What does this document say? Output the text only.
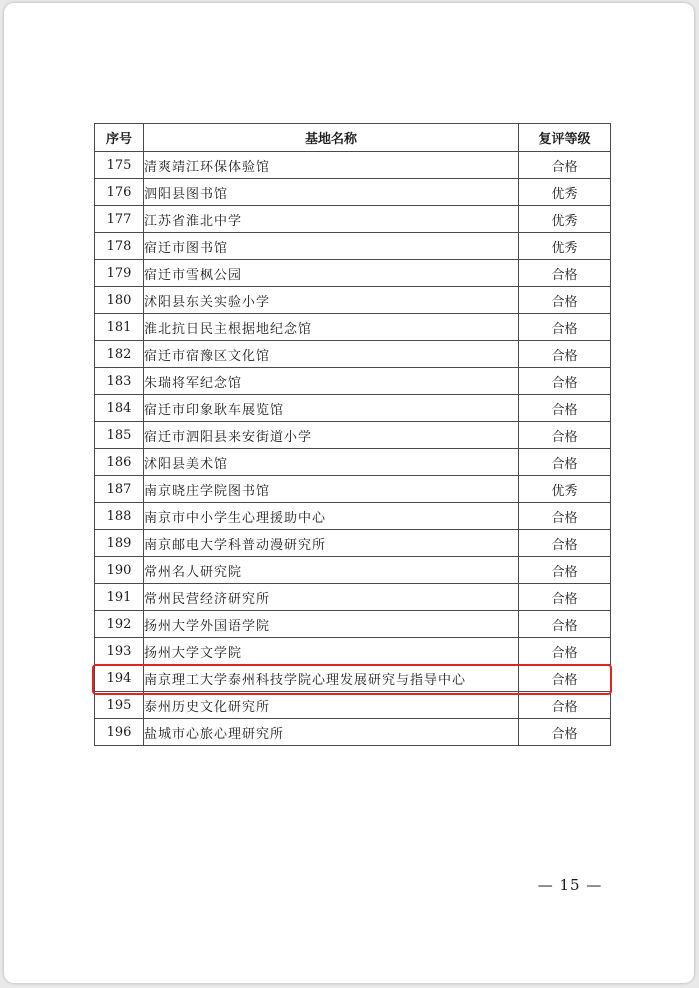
序号	基地名称	复评等级
175	清爽靖江环保体验馆	合格
176	泗阳县图书馆	优秀
177	江苏省淮北中学	优秀
178	宿迁市图书馆	优秀
179	宿迁市雪枫公园	合格
180	沭阳县东关实验小学	合格
181	淮北抗日民主根据地纪念馆	合格
182	宿迁市宿豫区文化馆	合格
183	朱瑞将军纪念馆	合格
184	宿迁市印象耿车展览馆	合格
185	宿迁市泗阳县来安街道小学	合格
186	沭阳县美术馆	合格
187	南京晓庄学院图书馆	优秀
188	南京市中小学生心理援助中心	合格
189	南京邮电大学科普动漫研究所	合格
190	常州名人研究院	合格
191	常州民营经济研究所	合格
192	扬州大学外国语学院	合格
193	扬州大学文学院	合格
194	南京理工大学泰州科技学院心理发展研究与指导中心	合格
195	泰州历史文化研究所	合格
196	盐城市心旅心理研究所	合格
— 15 —
